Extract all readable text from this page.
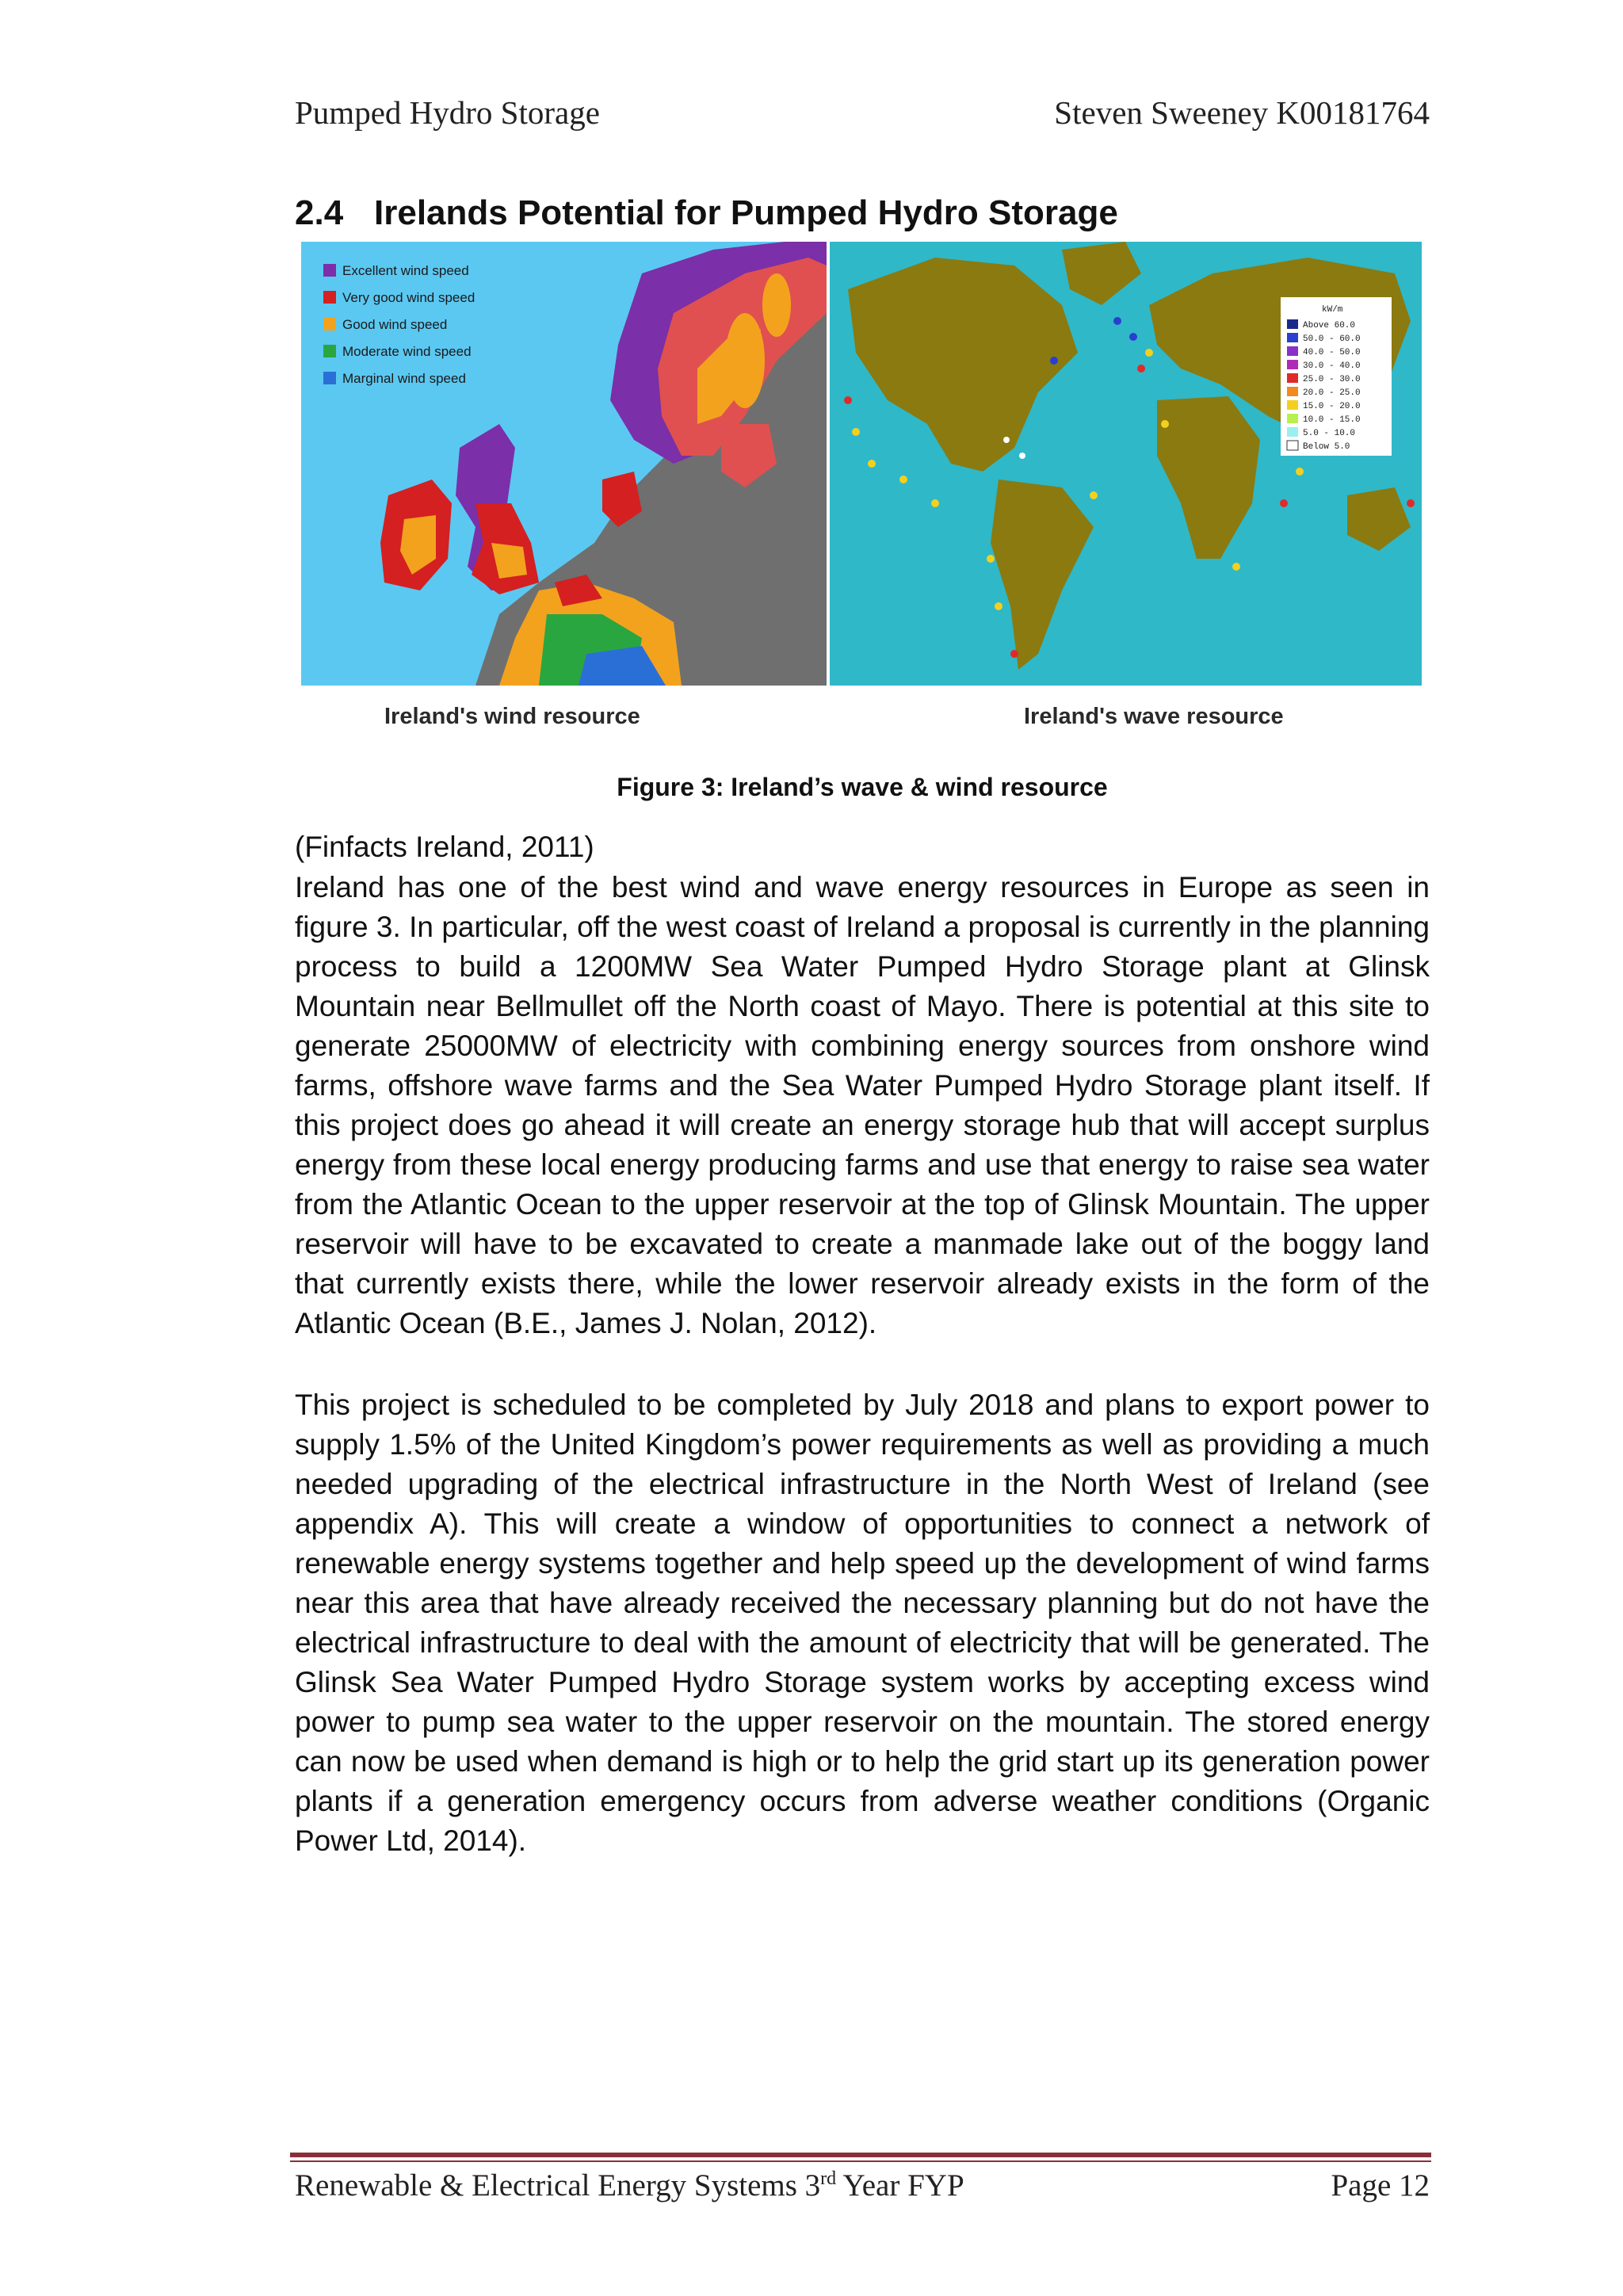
Pumped Hydro Storage	Steven Sweeney K00181764
2.4 Irelands Potential for Pumped Hydro Storage
Excellent wind speed
Very good wind speed
Good wind speed
Moderate wind speed
Marginal wind speed
kW/m
Above 60.0
50.0 - 60.0
40.0 - 50.0
30.0 - 40.0
25.0 - 30.0
20.0 - 25.0
15.0 - 20.0
10.0 - 15.0
5.0 - 10.0
Below 5.0
Ireland's wind resource	Ireland's wave resource
Figure 3: Ireland’s wave & wind resource
(Finfacts Ireland, 2011)

Ireland has one of the best wind and wave energy resources in Europe as seen in figure 3. In particular, off the west coast of Ireland a proposal is currently in the planning process to build a 1200MW Sea Water Pumped Hydro Storage plant at Glinsk Mountain near Bellmullet off the North coast of Mayo. There is potential at this site to generate 25000MW of electricity with combining energy sources from onshore wind farms, offshore wave farms and the Sea Water Pumped Hydro Storage plant itself. If this project does go ahead it will create an energy storage hub that will accept surplus energy from these local energy producing farms and use that energy to raise sea water from the Atlantic Ocean to the upper reservoir at the top of Glinsk Mountain. The upper reservoir will have to be excavated to create a manmade lake out of the boggy land that currently exists there, while the lower reservoir already exists in the form of the Atlantic Ocean (B.E., James J. Nolan, 2012).

This project is scheduled to be completed by July 2018 and plans to export power to supply 1.5% of the United Kingdom’s power requirements as well as providing a much needed upgrading of the electrical infrastructure in the North West of Ireland (see appendix A). This will create a window of opportunities to connect a network of renewable energy systems together and help speed up the development of wind farms near this area that have already received the necessary planning but do not have the electrical infrastructure to deal with the amount of electricity that will be generated. The Glinsk Sea Water Pumped Hydro Storage system works by accepting excess wind power to pump sea water to the upper reservoir on the mountain. The stored energy can now be used when demand is high or to help the grid start up its generation power plants if a generation emergency occurs from adverse weather conditions (Organic Power Ltd, 2014).

Renewable & Electrical Energy Systems 3rd Year FYP	Page 12
